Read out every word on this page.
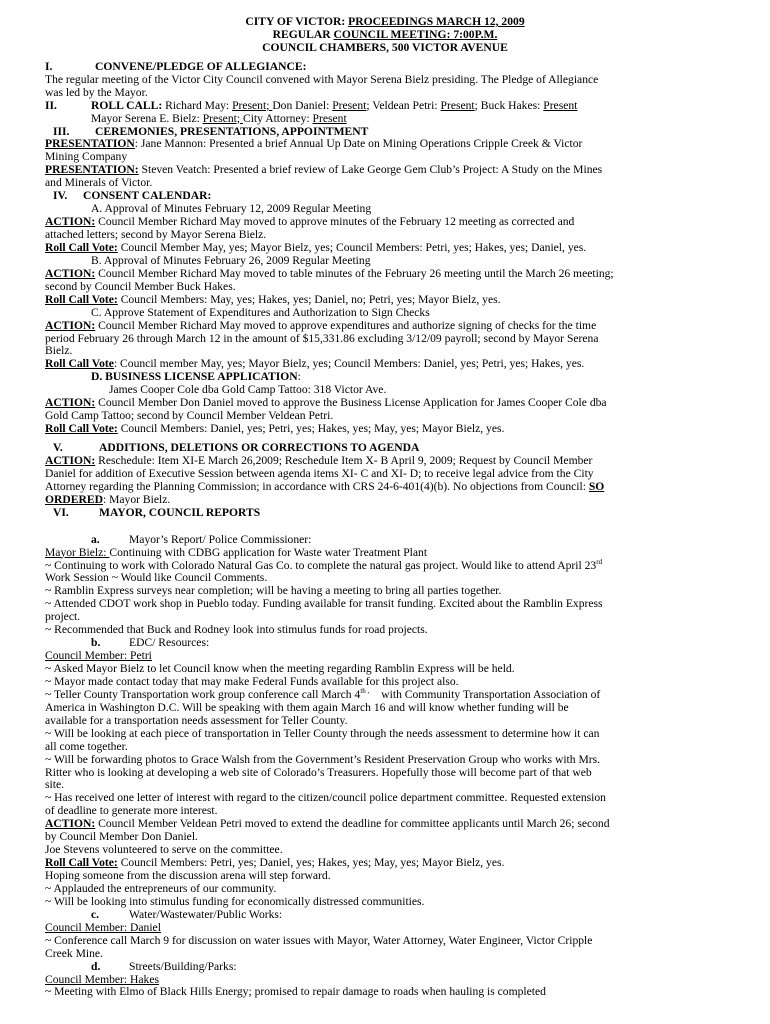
CITY OF VICTOR: PROCEEDINGS MARCH 12, 2009
REGULAR COUNCIL MEETING: 7:00P.M.
COUNCIL CHAMBERS, 500 VICTOR AVENUE
I.	CONVENE/PLEDGE OF ALLEGIANCE:
The regular meeting of the Victor City Council convened with Mayor Serena Bielz presiding. The Pledge of Allegiance
was led by the Mayor.
II.	ROLL CALL: Richard May: Present; Don Daniel: Present; Veldean Petri: Present; Buck Hakes: Present
Mayor Serena E. Bielz: Present; City Attorney: Present
III. CEREMONIES, PRESENTATIONS, APPOINTMENT
PRESENTATION: Jane Mannon: Presented a brief Annual Up Date on Mining Operations Cripple Creek & Victor
Mining Company
PRESENTATION: Steven Veatch: Presented a brief review of Lake George Gem Club’s Project: A Study on the Mines
and Minerals of Victor.
IV. CONSENT CALENDAR:
A. Approval of Minutes February 12, 2009 Regular Meeting
ACTION: Council Member Richard May moved to approve minutes of the February 12 meeting as corrected and
attached letters; second by Mayor Serena Bielz.
Roll Call Vote: Council Member May, yes; Mayor Bielz, yes; Council Members: Petri, yes; Hakes, yes; Daniel, yes.
B. Approval of Minutes February 26, 2009 Regular Meeting
ACTION: Council Member Richard May moved to table minutes of the February 26 meeting until the March 26 meeting;
second by Council Member Buck Hakes.
Roll Call Vote: Council Members: May, yes; Hakes, yes; Daniel, no; Petri, yes; Mayor Bielz, yes.
C. Approve Statement of Expenditures and Authorization to Sign Checks
ACTION: Council Member Richard May moved to approve expenditures and authorize signing of checks for the time
period February 26 through March 12 in the amount of $15,331.86 excluding 3/12/09 payroll; second by Mayor Serena
Bielz.
Roll Call Vote: Council member May, yes; Mayor Bielz, yes; Council Members: Daniel, yes; Petri, yes; Hakes, yes.
D. BUSINESS LICENSE APPLICATION:
James Cooper Cole dba Gold Camp Tattoo: 318 Victor Ave.
ACTION: Council Member Don Daniel moved to approve the Business License Application for James Cooper Cole dba
Gold Camp Tattoo; second by Council Member Veldean Petri.
Roll Call Vote: Council Members: Daniel, yes; Petri, yes; Hakes, yes; May, yes; Mayor Bielz, yes.
V.	ADDITIONS, DELETIONS OR CORRECTIONS TO AGENDA
ACTION: Reschedule: Item XI-E March 26,2009; Reschedule Item X- B April 9, 2009; Request by Council Member
Daniel for addition of Executive Session between agenda items XI- C and XI- D; to receive legal advice from the City
Attorney regarding the Planning Commission; in accordance with CRS 24-6-401(4)(b). No objections from Council: SO
ORDERED: Mayor Bielz.
VI.	MAYOR, COUNCIL REPORTS
a.	Mayor’s Report/ Police Commissioner:
Mayor Bielz: Continuing with CDBG application for Waste water Treatment Plant
~ Continuing to work with Colorado Natural Gas Co. to complete the natural gas project. Would like to attend April 23rd
Work Session ~ Would like Council Comments.
~ Ramblin Express surveys near completion; will be having a meeting to bring all parties together.
~ Attended CDOT work shop in Pueblo today. Funding available for transit funding. Excited about the Ramblin Express
project.
~ Recommended that Buck and Rodney look into stimulus funds for road projects.
b. EDC/ Resources:
Council Member: Petri
~ Asked Mayor Bielz to let Council know when the meeting regarding Ramblin Express will be held.
~ Mayor made contact today that may make Federal Funds available for this project also.
~ Teller County Transportation work group conference call March $4^{th ,}$ with Community Transportation Association of
America in Washington D.C. Will be speaking with them again March 16 and will know whether funding will be
available for a transportation needs assessment for Teller County.
~ Will be looking at each piece of transportation in Teller County through the needs assessment to determine how it can
all come together.
~ Will be forwarding photos to Grace Walsh from the Government’s Resident Preservation Group who works with Mrs.
Ritter who is looking at developing a web site of Colorado’s Treasurers. Hopefully those will become part of that web
site.
~ Has received one letter of interest with regard to the citizen/council police department committee. Requested extension
of deadline to generate more interest.
ACTION: Council Member Veldean Petri moved to extend the deadline for committee applicants until March 26; second
by Council Member Don Daniel.
Joe Stevens volunteered to serve on the committee.
Roll Call Vote: Council Members: Petri, yes; Daniel, yes; Hakes, yes; May, yes; Mayor Bielz, yes.
Hoping someone from the discussion arena will step forward.
~ Applauded the entrepreneurs of our community.
~ Will be looking into stimulus funding for economically distressed communities.
c.	Water/Wastewater/Public Works:
Council Member: Daniel
~ Conference call March 9 for discussion on water issues with Mayor, Water Attorney, Water Engineer, Victor Cripple
Creek Mine.
d. Streets/Building/Parks:
Council Member: Hakes
~ Meeting with Elmo of Black Hills Energy; promised to repair damage to roads when hauling is completed
